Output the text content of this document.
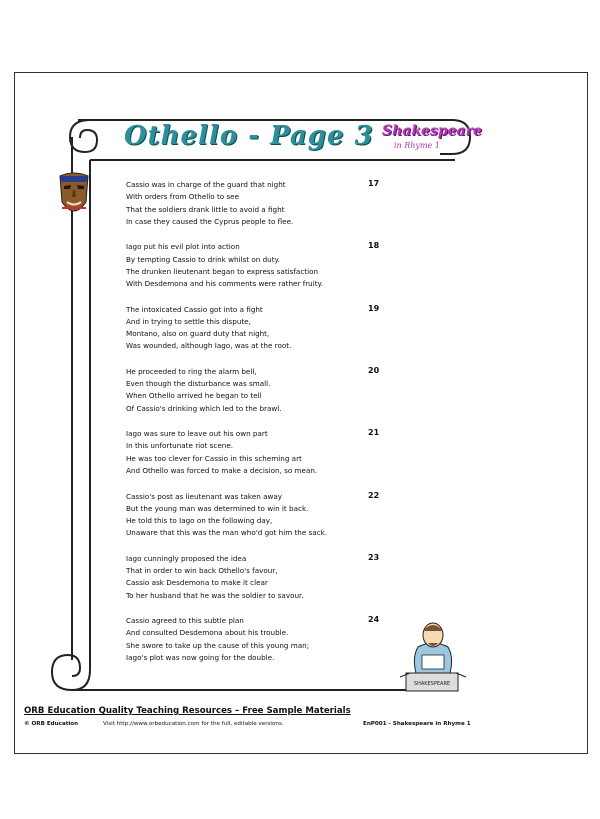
Othello - Page 3 Shakespeare
in Rhyme 1
Cassio was in charge of the guard that night
With orders from Othello to see
That the soldiers drank little to avoid a fight
In case they caused the Cyprus people to flee.
17
Iago put his evil plot into action
By tempting Cassio to drink whilst on duty.
The drunken lieutenant began to express satisfaction
With Desdemona and his comments were rather fruity.
18
The intoxicated Cassio got into a fight
And in trying to settle this dispute,
Montano, also on guard duty that night,
Was wounded, although Iago, was at the root.
19
He proceeded to ring the alarm bell,
Even though the disturbance was small.
When Othello arrived he began to tell
Of Cassio's drinking which led to the brawl.
20
Iago was sure to leave out his own part
In this unfortunate riot scene.
He was too clever for Cassio in this scheming art
And Othello was forced to make a decision, so mean.
21
Cassio's post as lieutenant was taken away
But the young man was determined to win it back.
He told this to Iago on the following day,
Unaware that this was the man who'd got him the sack.
22
Iago cunningly proposed the idea
That in order to win back Othello's favour,
Cassio ask Desdemona to make it clear
To her husband that he was the soldier to savour.
23
Cassio agreed to this subtle plan
And consulted Desdemona about his trouble.
She swore to take up the cause of this young man;
Iago's plot was now going for the double.
24
SHAKESPEARE
ORB Education Quality Teaching Resources – Free Sample Materials
© ORB Education	Visit http://www.orbeducation.com for the full, editable versions.	EnP001 - Shakespeare in Rhyme 1
